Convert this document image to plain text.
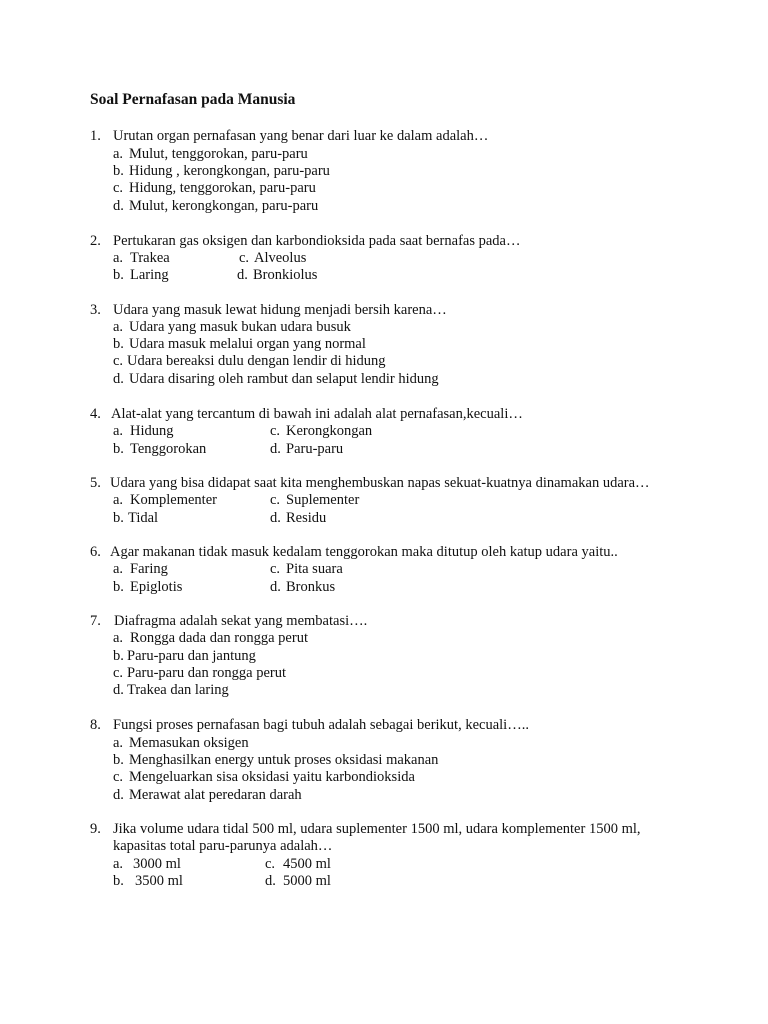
Soal Pernafasan pada Manusia
1. Urutan organ pernafasan yang benar dari luar ke dalam adalah…
a. Mulut, tenggorokan, paru-paru
b. Hidung , kerongkongan, paru-paru
c. Hidung, tenggorokan, paru-paru
d. Mulut, kerongkongan, paru-paru
2. Pertukaran gas oksigen dan karbondioksida pada saat bernafas pada…
a. Trakea	c. Alveolus
b. Laring	d. Bronkiolus
3. Udara yang masuk lewat hidung menjadi bersih karena…
a. Udara yang masuk bukan udara busuk
b. Udara masuk melalui organ yang normal
c. Udara bereaksi dulu dengan lendir di hidung
d. Udara disaring oleh rambut dan selaput lendir hidung
4. Alat-alat yang tercantum di bawah ini adalah alat pernafasan,kecuali…
a. Hidung	c. Kerongkongan
b. Tenggorokan	d. Paru-paru
5. Udara yang bisa didapat saat kita menghembuskan napas sekuat-kuatnya dinamakan udara…
a. Komplementer	c. Suplementer
b. Tidal	d. Residu
6. Agar makanan tidak masuk kedalam tenggorokan maka ditutup oleh katup udara yaitu..
a. Faring	c. Pita suara
b. Epiglotis	d. Bronkus
7. Diafragma adalah sekat yang membatasi….
a. Rongga dada dan rongga perut
b. Paru-paru dan jantung
c. Paru-paru dan rongga perut
d. Trakea dan laring
8. Fungsi proses pernafasan bagi tubuh adalah sebagai berikut, kecuali…..
a. Memasukan oksigen
b. Menghasilkan energy untuk proses oksidasi makanan
c. Mengeluarkan sisa oksidasi yaitu karbondioksida
d. Merawat alat peredaran darah
9. Jika volume udara tidal 500 ml, udara suplementer 1500 ml, udara komplementer 1500 ml,
kapasitas total paru-parunya adalah…
a. 3000 ml	c. 4500 ml
b. 3500 ml	d. 5000 ml
